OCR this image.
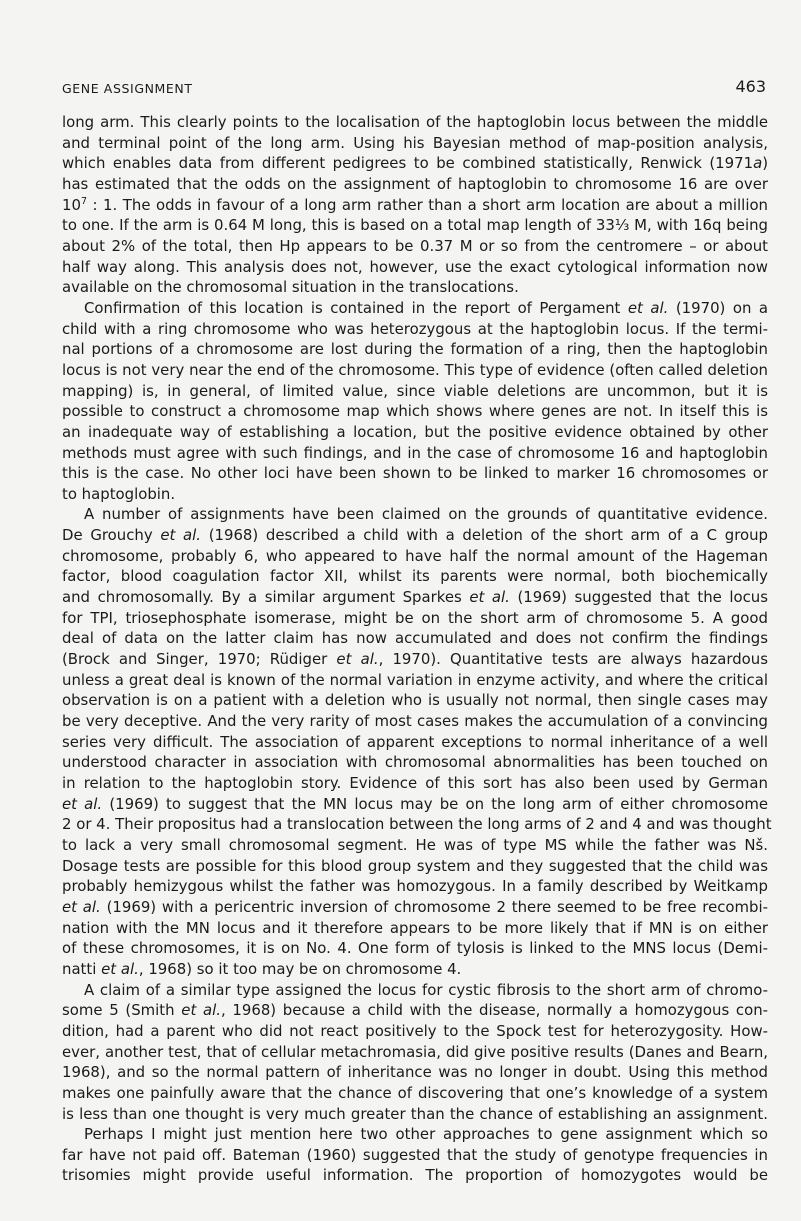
GENE ASSIGNMENT	463
long arm. This clearly points to the localisation of the haptoglobin locus between the middle
and terminal point of the long arm. Using his Bayesian method of map-position analysis,
which enables data from different pedigrees to be combined statistically, Renwick (1971a)
has estimated that the odds on the assignment of haptoglobin to chromosome 16 are over
$10^7$ : 1. The odds in favour of a long arm rather than a short arm location are about a million
to one. If the arm is 0.64 M long, this is based on a total map length of 33⅓ M, with 16q being
about 2% of the total, then Hp appears to be 0.37 M or so from the centromere – or about
half way along. This analysis does not, however, use the exact cytological information now
available on the chromosomal situation in the translocations.
Confirmation of this location is contained in the report of Pergament et al. (1970) on a
child with a ring chromosome who was heterozygous at the haptoglobin locus. If the termi-
nal portions of a chromosome are lost during the formation of a ring, then the haptoglobin
locus is not very near the end of the chromosome. This type of evidence (often called deletion
mapping) is, in general, of limited value, since viable deletions are uncommon, but it is
possible to construct a chromosome map which shows where genes are not. In itself this is
an inadequate way of establishing a location, but the positive evidence obtained by other
methods must agree with such findings, and in the case of chromosome 16 and haptoglobin
this is the case. No other loci have been shown to be linked to marker 16 chromosomes or
to haptoglobin.
A number of assignments have been claimed on the grounds of quantitative evidence.
De Grouchy et al. (1968) described a child with a deletion of the short arm of a C group
chromosome, probably 6, who appeared to have half the normal amount of the Hageman
factor, blood coagulation factor XII, whilst its parents were normal, both biochemically
and chromosomally. By a similar argument Sparkes et al. (1969) suggested that the locus
for TPI, triosephosphate isomerase, might be on the short arm of chromosome 5. A good
deal of data on the latter claim has now accumulated and does not confirm the findings
(Brock and Singer, 1970; Rüdiger et al., 1970). Quantitative tests are always hazardous
unless a great deal is known of the normal variation in enzyme activity, and where the critical
observation is on a patient with a deletion who is usually not normal, then single cases may
be very deceptive. And the very rarity of most cases makes the accumulation of a convincing
series very difficult. The association of apparent exceptions to normal inheritance of a well
understood character in association with chromosomal abnormalities has been touched on
in relation to the haptoglobin story. Evidence of this sort has also been used by German
et al. (1969) to suggest that the MN locus may be on the long arm of either chromosome
2 or 4. Their propositus had a translocation between the long arms of 2 and 4 and was thought
to lack a very small chromosomal segment. He was of type MS while the father was Nš.
Dosage tests are possible for this blood group system and they suggested that the child was
probably hemizygous whilst the father was homozygous. In a family described by Weitkamp
et al. (1969) with a pericentric inversion of chromosome 2 there seemed to be free recombi-
nation with the MN locus and it therefore appears to be more likely that if MN is on either
of these chromosomes, it is on No. 4. One form of tylosis is linked to the MNS locus (Demi-
natti et al., 1968) so it too may be on chromosome 4.
A claim of a similar type assigned the locus for cystic fibrosis to the short arm of chromo-
some 5 (Smith et al., 1968) because a child with the disease, normally a homozygous con-
dition, had a parent who did not react positively to the Spock test for heterozygosity. How-
ever, another test, that of cellular metachromasia, did give positive results (Danes and Bearn,
1968), and so the normal pattern of inheritance was no longer in doubt. Using this method
makes one painfully aware that the chance of discovering that one’s knowledge of a system
is less than one thought is very much greater than the chance of establishing an assignment.
Perhaps I might just mention here two other approaches to gene assignment which so
far have not paid off. Bateman (1960) suggested that the study of genotype frequencies in
trisomies might provide useful information. The proportion of homozygotes would be
